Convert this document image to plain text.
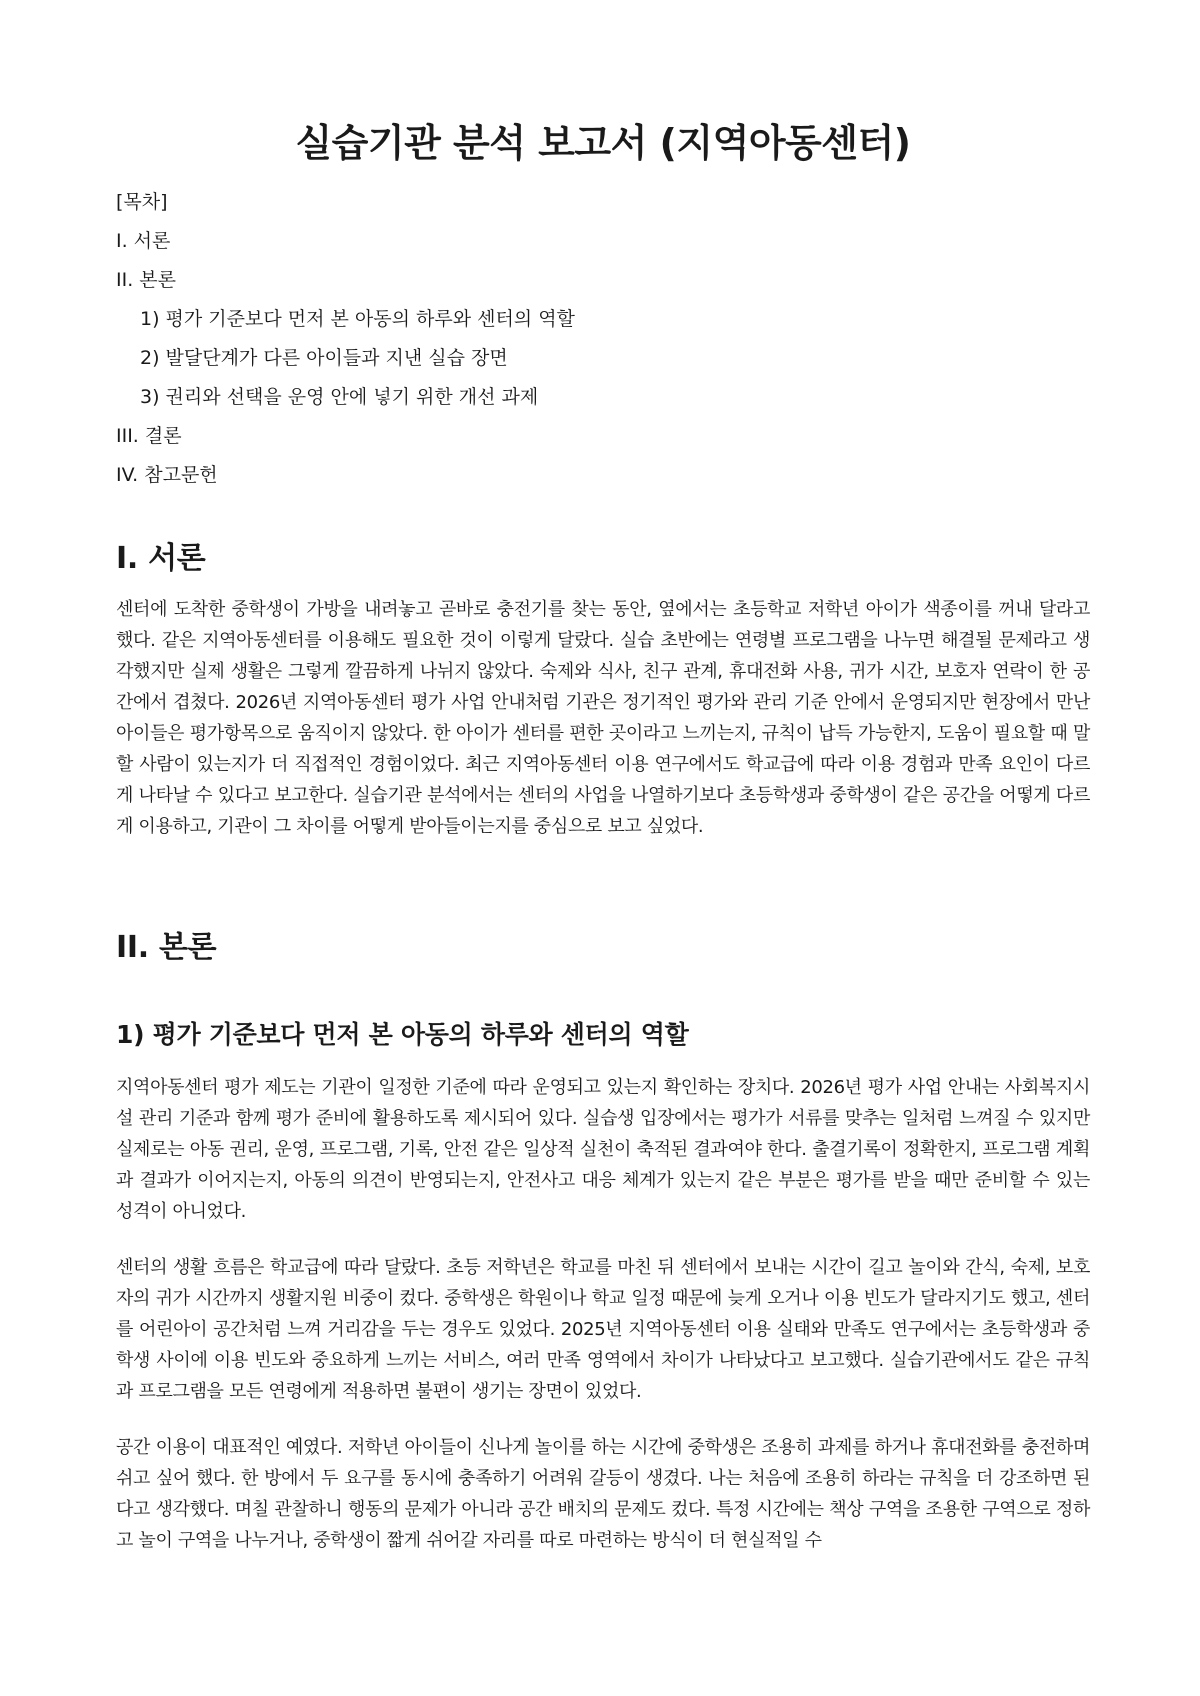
실습기관 분석 보고서 (지역아동센터)
[목차]
I. 서론
II. 본론
1) 평가 기준보다 먼저 본 아동의 하루와 센터의 역할
2) 발달단계가 다른 아이들과 지낸 실습 장면
3) 권리와 선택을 운영 안에 넣기 위한 개선 과제
III. 결론
IV. 참고문헌
I. 서론

센터에 도착한 중학생이 가방을 내려놓고 곧바로 충전기를 찾는 동안, 옆에서는 초등학교 저학년 아이가 색종이를 꺼내 달라고 했다. 같은 지역아동센터를 이용해도 필요한 것이 이렇게 달랐다. 실습 초반에는 연령별 프로그램을 나누면 해결될 문제라고 생각했지만 실제 생활은 그렇게 깔끔하게 나뉘지 않았다. 숙제와 식사, 친구 관계, 휴대전화 사용, 귀가 시간, 보호자 연락이 한 공간에서 겹쳤다. 2026년 지역아동센터 평가 사업 안내처럼 기관은 정기적인 평가와 관리 기준 안에서 운영되지만 현장에서 만난 아이들은 평가항목으로 움직이지 않았다. 한 아이가 센터를 편한 곳이라고 느끼는지, 규칙이 납득 가능한지, 도움이 필요할 때 말할 사람이 있는지가 더 직접적인 경험이었다. 최근 지역아동센터 이용 연구에서도 학교급에 따라 이용 경험과 만족 요인이 다르게 나타날 수 있다고 보고한다. 실습기관 분석에서는 센터의 사업을 나열하기보다 초등학생과 중학생이 같은 공간을 어떻게 다르게 이용하고, 기관이 그 차이를 어떻게 받아들이는지를 중심으로 보고 싶었다.

II. 본론
1) 평가 기준보다 먼저 본 아동의 하루와 센터의 역할

지역아동센터 평가 제도는 기관이 일정한 기준에 따라 운영되고 있는지 확인하는 장치다. 2026년 평가 사업 안내는 사회복지시설 관리 기준과 함께 평가 준비에 활용하도록 제시되어 있다. 실습생 입장에서는 평가가 서류를 맞추는 일처럼 느껴질 수 있지만 실제로는 아동 권리, 운영, 프로그램, 기록, 안전 같은 일상적 실천이 축적된 결과여야 한다. 출결기록이 정확한지, 프로그램 계획과 결과가 이어지는지, 아동의 의견이 반영되는지, 안전사고 대응 체계가 있는지 같은 부분은 평가를 받을 때만 준비할 수 있는 성격이 아니었다.

센터의 생활 흐름은 학교급에 따라 달랐다. 초등 저학년은 학교를 마친 뒤 센터에서 보내는 시간이 길고 놀이와 간식, 숙제, 보호자의 귀가 시간까지 생활지원 비중이 컸다. 중학생은 학원이나 학교 일정 때문에 늦게 오거나 이용 빈도가 달라지기도 했고, 센터를 어린아이 공간처럼 느껴 거리감을 두는 경우도 있었다. 2025년 지역아동센터 이용 실태와 만족도 연구에서는 초등학생과 중학생 사이에 이용 빈도와 중요하게 느끼는 서비스, 여러 만족 영역에서 차이가 나타났다고 보고했다. 실습기관에서도 같은 규칙과 프로그램을 모든 연령에게 적용하면 불편이 생기는 장면이 있었다.

공간 이용이 대표적인 예였다. 저학년 아이들이 신나게 놀이를 하는 시간에 중학생은 조용히 과제를 하거나 휴대전화를 충전하며 쉬고 싶어 했다. 한 방에서 두 요구를 동시에 충족하기 어려워 갈등이 생겼다. 나는 처음에 조용히 하라는 규칙을 더 강조하면 된다고 생각했다. 며칠 관찰하니 행동의 문제가 아니라 공간 배치의 문제도 컸다. 특정 시간에는 책상 구역을 조용한 구역으로 정하고 놀이 구역을 나누거나, 중학생이 짧게 쉬어갈 자리를 따로 마련하는 방식이 더 현실적일 수
